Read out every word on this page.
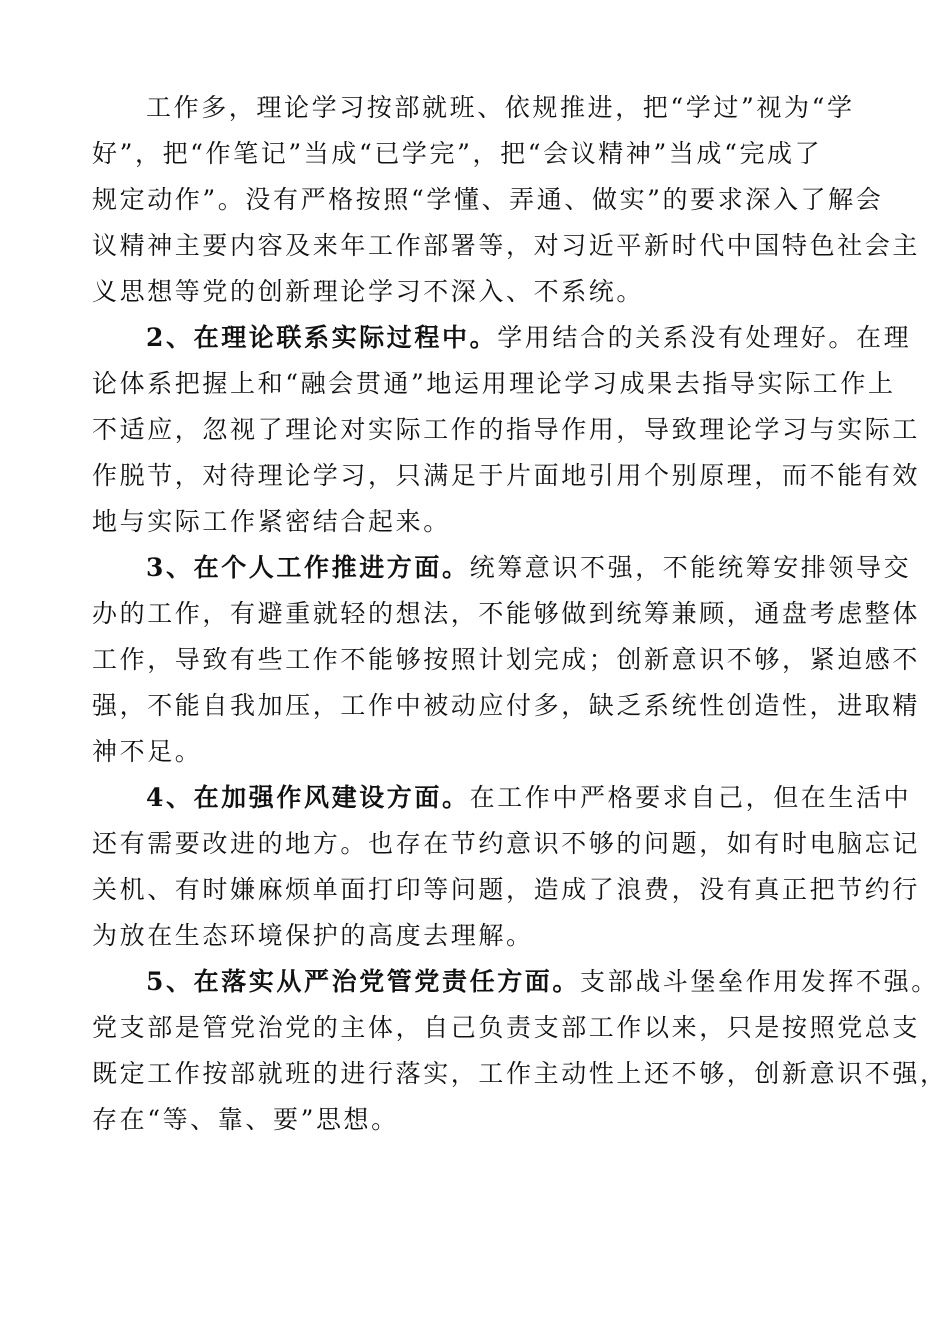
工作多，理论学习按部就班、依规推进，把“学过”视为“学
好”，把“作笔记”当成“已学完”，把“会议精神”当成“完成了
规定动作”。没有严格按照“学懂、弄通、做实”的要求深入了解会
议精神主要内容及来年工作部署等，对习近平新时代中国特色社会主
义思想等党的创新理论学习不深入、不系统。
2、在理论联系实际过程中。学用结合的关系没有处理好。在理
论体系把握上和“融会贯通”地运用理论学习成果去指导实际工作上
不适应，忽视了理论对实际工作的指导作用，导致理论学习与实际工
作脱节，对待理论学习，只满足于片面地引用个别原理，而不能有效
地与实际工作紧密结合起来。
3、在个人工作推进方面。统筹意识不强，不能统筹安排领导交
办的工作，有避重就轻的想法，不能够做到统筹兼顾，通盘考虑整体
工作，导致有些工作不能够按照计划完成；创新意识不够，紧迫感不
强，不能自我加压，工作中被动应付多，缺乏系统性创造性，进取精
神不足。
4、在加强作风建设方面。在工作中严格要求自己，但在生活中
还有需要改进的地方。也存在节约意识不够的问题，如有时电脑忘记
关机、有时嫌麻烦单面打印等问题，造成了浪费，没有真正把节约行
为放在生态环境保护的高度去理解。
5、在落实从严治党管党责任方面。支部战斗堡垒作用发挥不强。
党支部是管党治党的主体，自己负责支部工作以来，只是按照党总支
既定工作按部就班的进行落实，工作主动性上还不够，创新意识不强，
存在“等、靠、要”思想。
